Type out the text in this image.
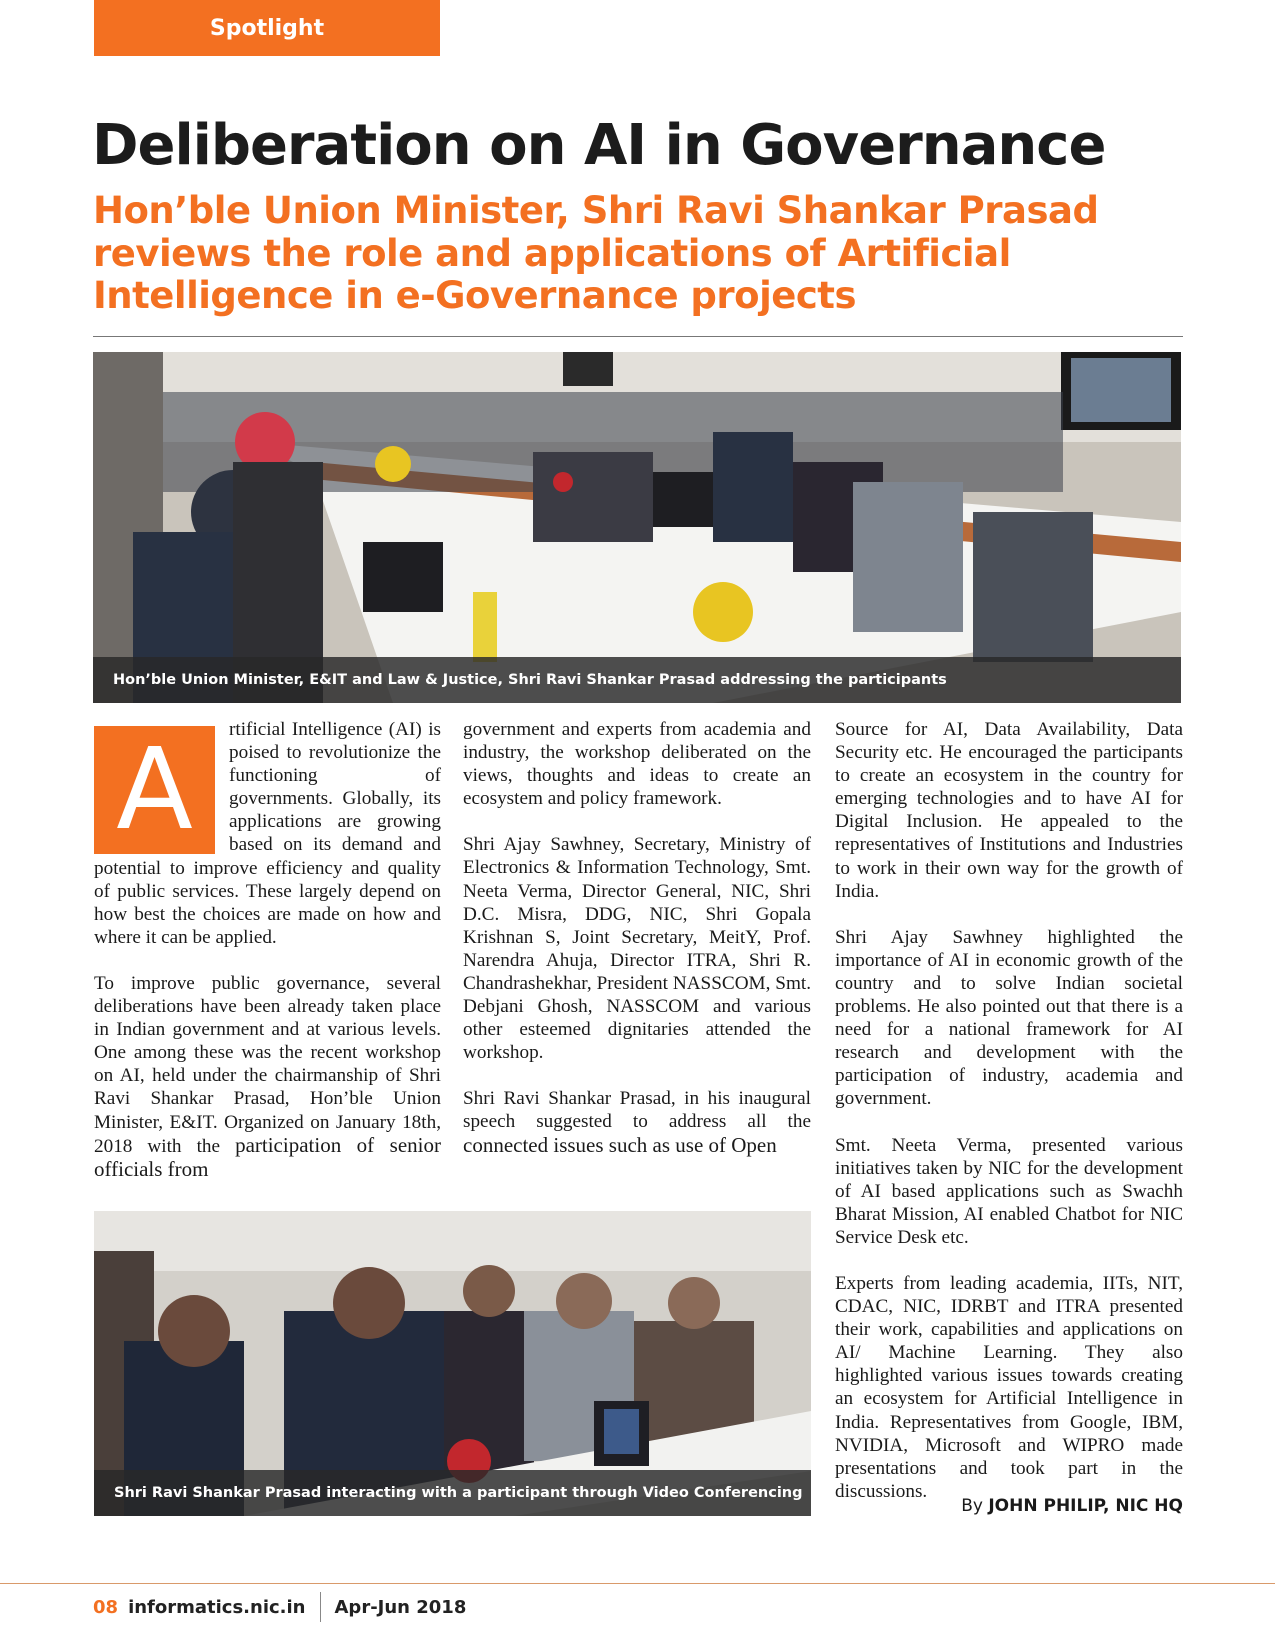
Spotlight
Deliberation on AI in Governance
Hon’ble Union Minister, Shri Ravi Shankar Prasad reviews the role and applications of Artificial Intelligence in e-Governance projects
Hon’ble Union Minister, E&IT and Law & Justice, Shri Ravi Shankar Prasad addressing the participants

A	rtificial Intelligence (AI) is poised to revolutionize the functioning of governments. Globally, its applications are growing based on its demand and potential to improve efficiency and quality of public services. These largely depend on how best the choices are made on how and where it can be applied.

To improve public governance, several deliberations have been already taken place in Indian government and at various levels. One among these was the recent workshop on AI, held under the chairmanship of Shri Ravi Shankar Prasad, Hon’ble Union Minister, E&IT. Organized on January 18th, 2018 with the participation of senior officials from

government and experts from academia and industry, the workshop deliberated on the views, thoughts and ideas to create an ecosystem and policy framework.

Shri Ajay Sawhney, Secretary, Ministry of Electronics & Information Technology, Smt. Neeta Verma, Director General, NIC, Shri D.C. Misra, DDG, NIC, Shri Gopala Krishnan S, Joint Secretary, MeitY, Prof. Narendra Ahuja, Director ITRA, Shri R. Chandrashekhar, President NASSCOM, Smt. Debjani Ghosh, NASSCOM and various other esteemed dignitaries attended the workshop.

Shri Ravi Shankar Prasad, in his inaugural speech suggested to address all the connected issues such as use of Open

Source for AI, Data Availability, Data Security etc. He encouraged the participants to create an ecosystem in the country for emerging technologies and to have AI for Digital Inclusion. He appealed to the representatives of Institutions and Industries to work in their own way for the growth of India.

Shri Ajay Sawhney highlighted the importance of AI in economic growth of the country and to solve Indian societal problems. He also pointed out that there is a need for a national framework for AI research and development with the participation of industry, academia and government.

Smt. Neeta Verma, presented various initiatives taken by NIC for the development of AI based applications such as Swachh Bharat Mission, AI enabled Chatbot for NIC Service Desk etc.

Experts from leading academia, IITs, NIT, CDAC, NIC, IDRBT and ITRA presented their work, capabilities and applications on AI/ Machine Learning. They also highlighted various issues towards creating an ecosystem for Artificial Intelligence in India. Representatives from Google, IBM, NVIDIA, Microsoft and WIPRO made presentations and took part in the discussions.

Shri Ravi Shankar Prasad interacting with a participant through Video Conferencing
By JOHN PHILIP, NIC HQ
08 informatics.nic.in Apr-Jun 2018
